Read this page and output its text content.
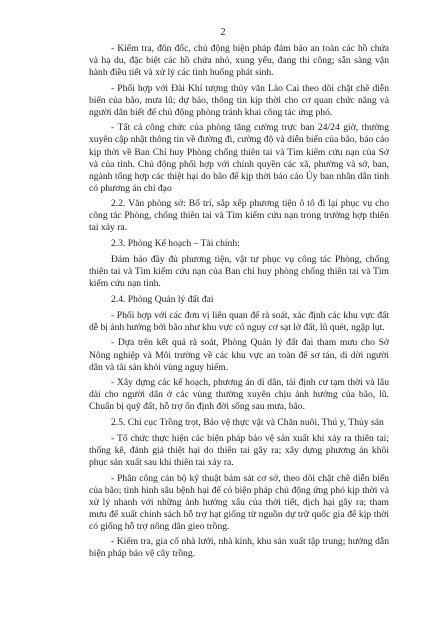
2

- Kiểm tra, đôn đốc, chủ động biện pháp đảm bảo an toàn các hồ chứa và hạ du, đặc biệt các hồ chứa nhỏ, xung yếu, đang thi công; sẵn sàng vận hành điều tiết và xử lý các tình huống phát sinh.

- Phối hợp với Đài Khí tượng thủy văn Lào Cai theo dõi chặt chẽ diễn biến của bão, mưa lũ; dự báo, thông tin kịp thời cho cơ quan chức năng và người dân biết để chủ động phòng tránh khai công tác ứng phó.

- Tất cả công chức của phòng tăng cường trực ban 24/24 giờ, thường xuyên cập nhật thông tin về đường đi, cường độ và diễn biến của bão, báo cáo kịp thời về Ban Chỉ huy Phòng chống thiên tai và Tìm kiếm cứu nạn của Sở và của tỉnh. Chủ động phối hợp với chính quyền các xã, phường và sở, ban, ngành tổng hợp các thiệt hại do bão để kịp thời báo cáo Ủy ban nhân dân tỉnh có phương án chỉ đạo

2.2. Văn phòng sở: Bố trí, sắp xếp phương tiện ô tô đi lại phục vụ cho công tác Phòng, chống thiên tai và Tìm kiếm cứu nạn trong trường hợp thiên tai xảy ra.

2.3. Phòng Kế hoạch – Tài chính:

Đảm bảo đầy đủ phương tiện, vật tư phục vụ công tác Phòng, chống thiên tai và Tìm kiếm cứu nạn của Ban chỉ huy phòng chống thiên tai và Tìm kiếm cứu nạn tỉnh.

2.4. Phòng Quản lý đất đai

- Phối hợp với các đơn vị liên quan để rà soát, xác định các khu vực đất dễ bị ảnh hưởng bởi bão như khu vực có nguy cơ sạt lở đất, lũ quét, ngập lụt.

- Dựa trên kết quả rà soát, Phòng Quản lý đất đai tham mưu cho Sở Nông nghiệp và Môi trường về các khu vực an toàn để sơ tán, di dời người dân và tài sản khỏi vùng nguy hiểm.

- Xây dựng các kế hoạch, phương án di dân, tái định cư tạm thời và lâu dài cho người dân ở các vùng thường xuyên chịu ảnh hưởng của bão, lũ. Chuẩn bị quỹ đất, hỗ trợ ổn định đời sống sau mưa, bão.

2.5. Chi cục Trồng trọt, Bảo vệ thực vật và Chăn nuôi, Thú y, Thủy sản

- Tổ chức thực hiện các biện pháp bảo vệ sản xuất khi xảy ra thiên tai; thống kê, đánh giá thiệt hại do thiên tai gây ra; xây dựng phương án khôi phục sản xuất sau khi thiên tai xảy ra.

- Phân công cán bộ kỹ thuật bám sát cơ sở, theo dõi chặt chẽ diễn biến của bão; tình hình sâu bệnh hại để có biện pháp chủ động ứng phó kịp thời và xử lý nhanh với những ảnh hưởng xấu của thời tiết, dịch hại gây ra; tham mưu để xuất chính sách hỗ trợ hạt giống từ nguồn dự trữ quốc gia để kịp thời có giống hỗ trợ nông dân gieo trồng.

- Kiểm tra, gia cố nhà lưới, nhà kính, khu sản xuất tập trung; hướng dẫn biện pháp bảo vệ cây trồng.
